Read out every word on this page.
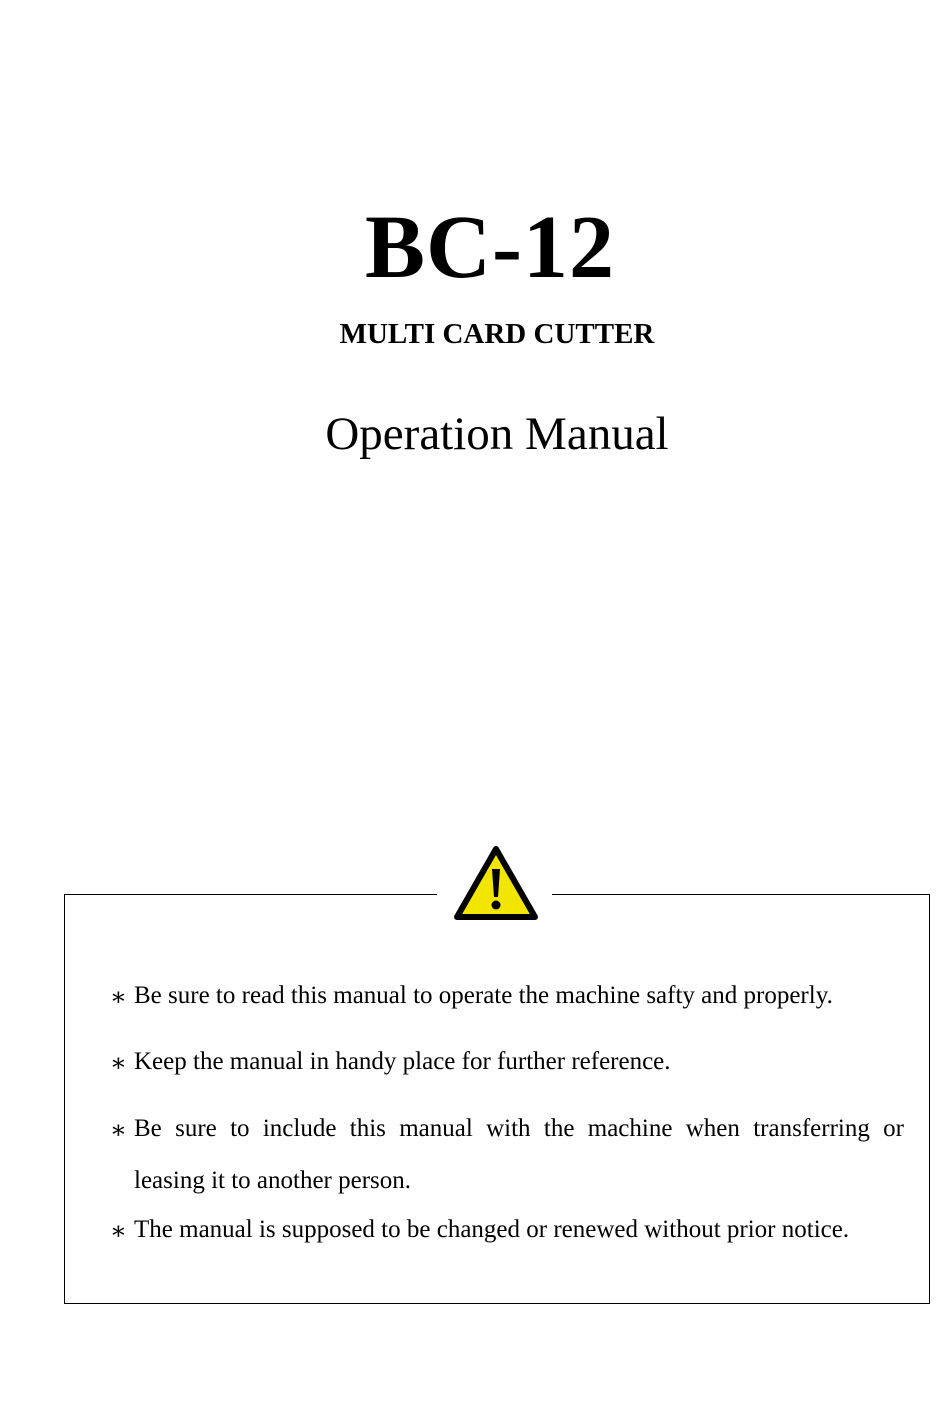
BC-12
MULTI CARD CUTTER
Operation Manual
∗ Be sure to read this manual to operate the machine safty and properly.
∗ Keep the manual in handy place for further reference.
∗ Be sure to include this manual with the machine when transferring or
leasing it to another person.
∗ The manual is supposed to be changed or renewed without prior notice.
